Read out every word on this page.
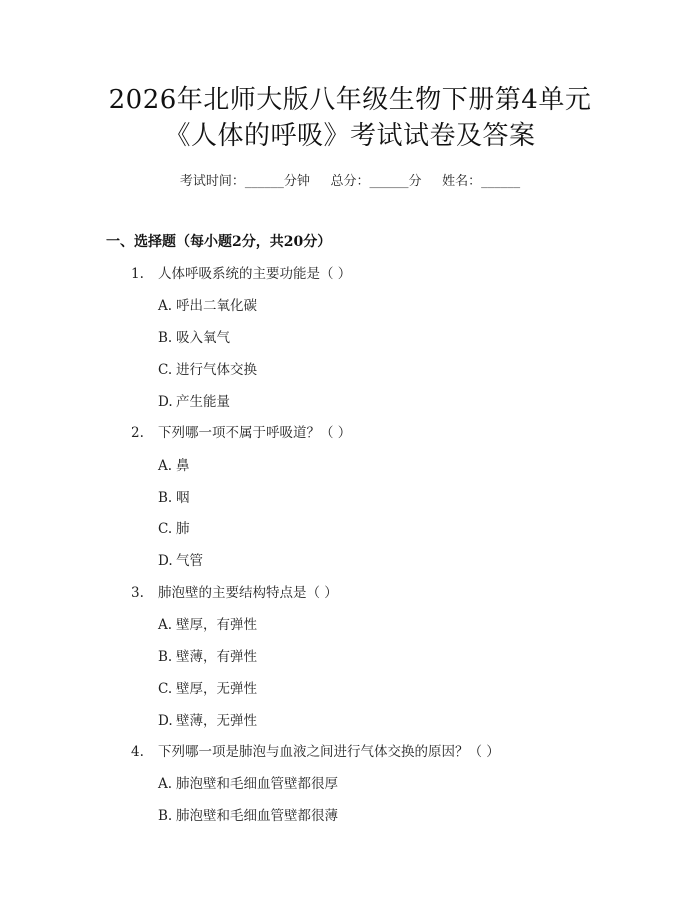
2026年北师大版八年级生物下册第4单元
《人体的呼吸》考试试卷及答案
考试时间：______分钟     总分：______分     姓名：______
一、选择题（每小题2分，共20分）
1. 人体呼吸系统的主要功能是（ ）
A. 呼出二氧化碳
B. 吸入氧气
C. 进行气体交换
D. 产生能量
2. 下列哪一项不属于呼吸道？（ ）
A. 鼻
B. 咽
C. 肺
D. 气管
3. 肺泡壁的主要结构特点是（ ）
A. 壁厚，有弹性
B. 壁薄，有弹性
C. 壁厚，无弹性
D. 壁薄，无弹性
4. 下列哪一项是肺泡与血液之间进行气体交换的原因？（ ）
A. 肺泡壁和毛细血管壁都很厚
B. 肺泡壁和毛细血管壁都很薄
